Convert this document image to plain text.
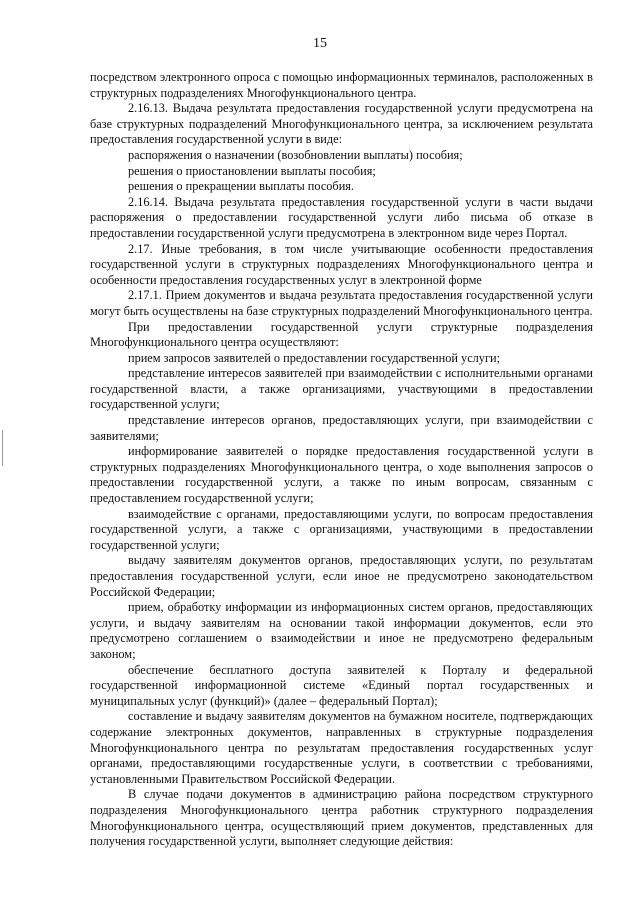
15

посредством электронного опроса с помощью информационных терминалов, расположенных в структурных подразделениях Многофункционального центра.

2.16.13. Выдача результата предоставления государственной услуги предусмотрена на базе структурных подразделений Многофункционального центра, за исключением результата предоставления государственной услуги в виде:

распоряжения о назначении (возобновлении выплаты) пособия;

решения о приостановлении выплаты пособия;

решения о прекращении выплаты пособия.

2.16.14. Выдача результата предоставления государственной услуги в части выдачи распоряжения о предоставлении государственной услуги либо письма об отказе в предоставлении государственной услуги предусмотрена в электронном виде через Портал.

2.17. Иные требования, в том числе учитывающие особенности предоставления государственной услуги в структурных подразделениях Многофункционального центра и особенности предоставления государственных услуг в электронной форме

2.17.1. Прием документов и выдача результата предоставления государственной услуги могут быть осуществлены на базе структурных подразделений Многофункционального центра.

При предоставлении государственной услуги структурные подразделения Многофункционального центра осуществляют:

прием запросов заявителей о предоставлении государственной услуги;

представление интересов заявителей при взаимодействии с исполнительными органами государственной власти, а также организациями, участвующими в предоставлении государственной услуги;

представление интересов органов, предоставляющих услуги, при взаимодействии с заявителями;

информирование заявителей о порядке предоставления государственной услуги в структурных подразделениях Многофункционального центра, о ходе выполнения запросов о предоставлении государственной услуги, а также по иным вопросам, связанным с предоставлением государственной услуги;

взаимодействие с органами, предоставляющими услуги, по вопросам предоставления государственной услуги, а также с организациями, участвующими в предоставлении государственной услуги;

выдачу заявителям документов органов, предоставляющих услуги, по результатам предоставления государственной услуги, если иное не предусмотрено законодательством Российской Федерации;

прием, обработку информации из информационных систем органов, предоставляющих услуги, и выдачу заявителям на основании такой информации документов, если это предусмотрено соглашением о взаимодействии и иное не предусмотрено федеральным законом;

обеспечение бесплатного доступа заявителей к Порталу и федеральной государственной информационной системе «Единый портал государственных и муниципальных услуг (функций)» (далее – федеральный Портал);

составление и выдачу заявителям документов на бумажном носителе, подтверждающих содержание электронных документов, направленных в структурные подразделения Многофункционального центра по результатам предоставления государственных услуг органами, предоставляющими государственные услуги, в соответствии с требованиями, установленными Правительством Российской Федерации.

В случае подачи документов в администрацию района посредством структурного подразделения Многофункционального центра работник структурного подразделения Многофункционального центра, осуществляющий прием документов, представленных для получения государственной услуги, выполняет следующие действия:
